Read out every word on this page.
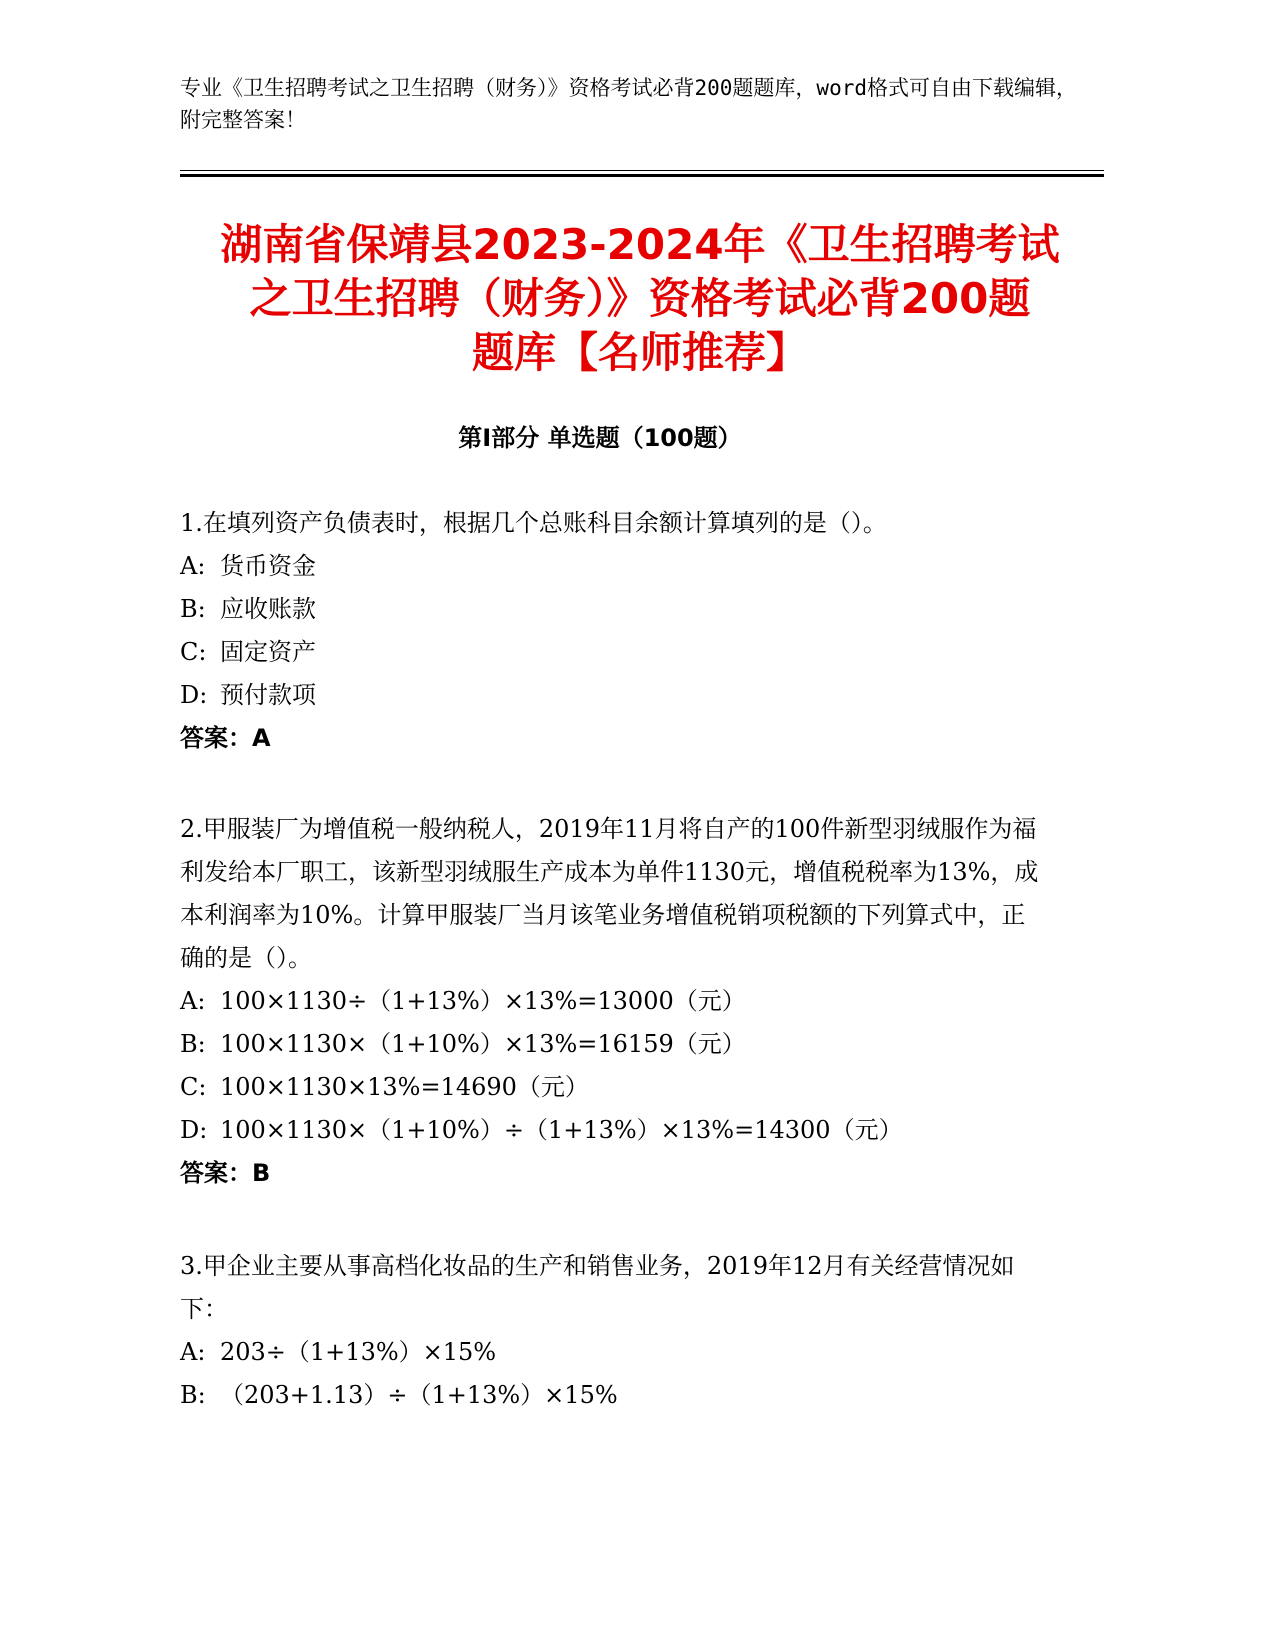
专业《卫生招聘考试之卫生招聘（财务）》资格考试必背200题题库，word格式可自由下载编辑，附完整答案！
湖南省保靖县2023-2024年《卫生招聘考试
之卫生招聘（财务）》资格考试必背200题
题库【名师推荐】
第Ⅰ部分 单选题（100题）
1.在填列资产负债表时，根据几个总账科目余额计算填列的是（）。
A: 货币资金
B: 应收账款
C: 固定资产
D: 预付款项
答案：A
2.甲服装厂为增值税一般纳税人，2019年11月将自产的100件新型羽绒服作为福利发给本厂职工，该新型羽绒服生产成本为单件1130元，增值税税率为13%，成本利润率为10%。计算甲服装厂当月该笔业务增值税销项税额的下列算式中，正确的是（）。
A: 100×1130÷（1+13%）×13%=13000（元）
B: 100×1130×（1+10%）×13%=16159（元）
C: 100×1130×13%=14690（元）
D: 100×1130×（1+10%）÷（1+13%）×13%=14300（元）
答案：B
3.甲企业主要从事高档化妆品的生产和销售业务，2019年12月有关经营情况如下：
A: 203÷（1+13%）×15%
B: （203+1.13）÷（1+13%）×15%
